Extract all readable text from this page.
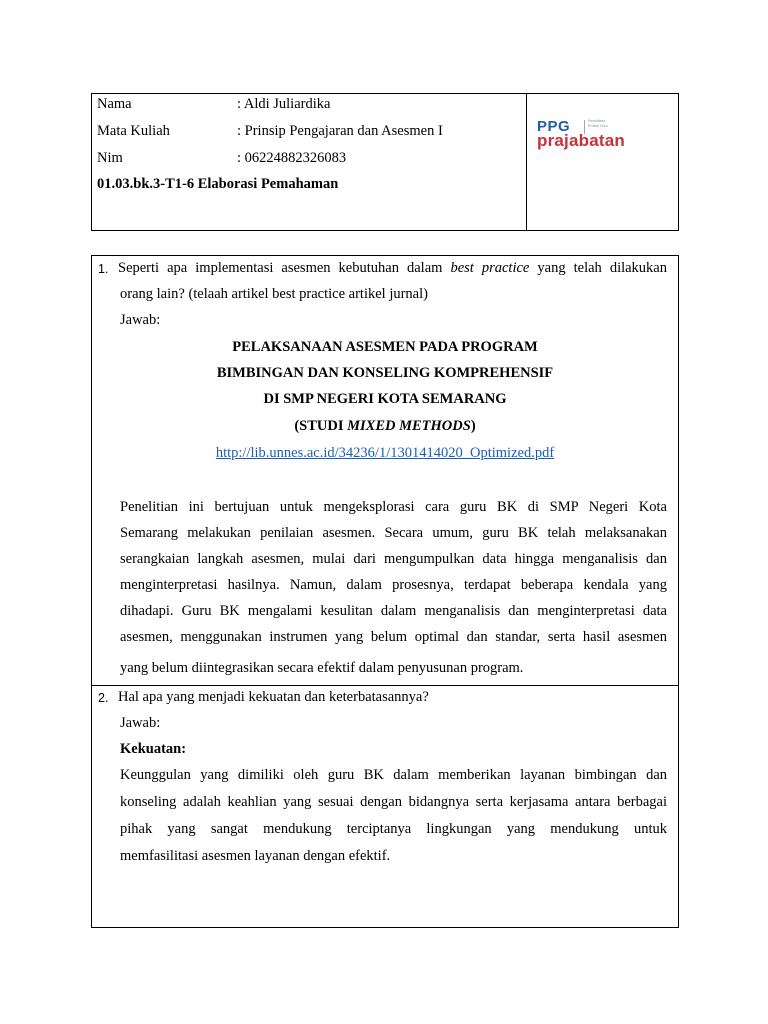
Nama	: Aldi Juliardika
Mata Kuliah	: Prinsip Pengajaran dan Asesmen I
Nim	: 06224882326083
01.03.bk.3-T1-6 Elaborasi Pemahaman
PPG	Pendidikan Profesi Guru
prajabatan
1. Seperti apa implementasi asesmen kebutuhan dalam best practice yang telah dilakukan
orang lain? (telaah artikel best practice artikel jurnal)
Jawab:
PELAKSANAAN ASESMEN PADA PROGRAM
BIMBINGAN DAN KONSELING KOMPREHENSIF
DI SMP NEGERI KOTA SEMARANG
(STUDI MIXED METHODS)
http://lib.unnes.ac.id/34236/1/1301414020_Optimized.pdf
Penelitian ini bertujuan untuk mengeksplorasi cara guru BK di SMP Negeri Kota
Semarang melakukan penilaian asesmen. Secara umum, guru BK telah melaksanakan
serangkaian langkah asesmen, mulai dari mengumpulkan data hingga menganalisis dan
menginterpretasi hasilnya. Namun, dalam prosesnya, terdapat beberapa kendala yang
dihadapi. Guru BK mengalami kesulitan dalam menganalisis dan menginterpretasi data
asesmen, menggunakan instrumen yang belum optimal dan standar, serta hasil asesmen
yang belum diintegrasikan secara efektif dalam penyusunan program.
2. Hal apa yang menjadi kekuatan dan keterbatasannya?
Jawab:
Kekuatan:
Keunggulan yang dimiliki oleh guru BK dalam memberikan layanan bimbingan dan
konseling adalah keahlian yang sesuai dengan bidangnya serta kerjasama antara berbagai
pihak yang sangat mendukung terciptanya lingkungan yang mendukung untuk
memfasilitasi asesmen layanan dengan efektif.
